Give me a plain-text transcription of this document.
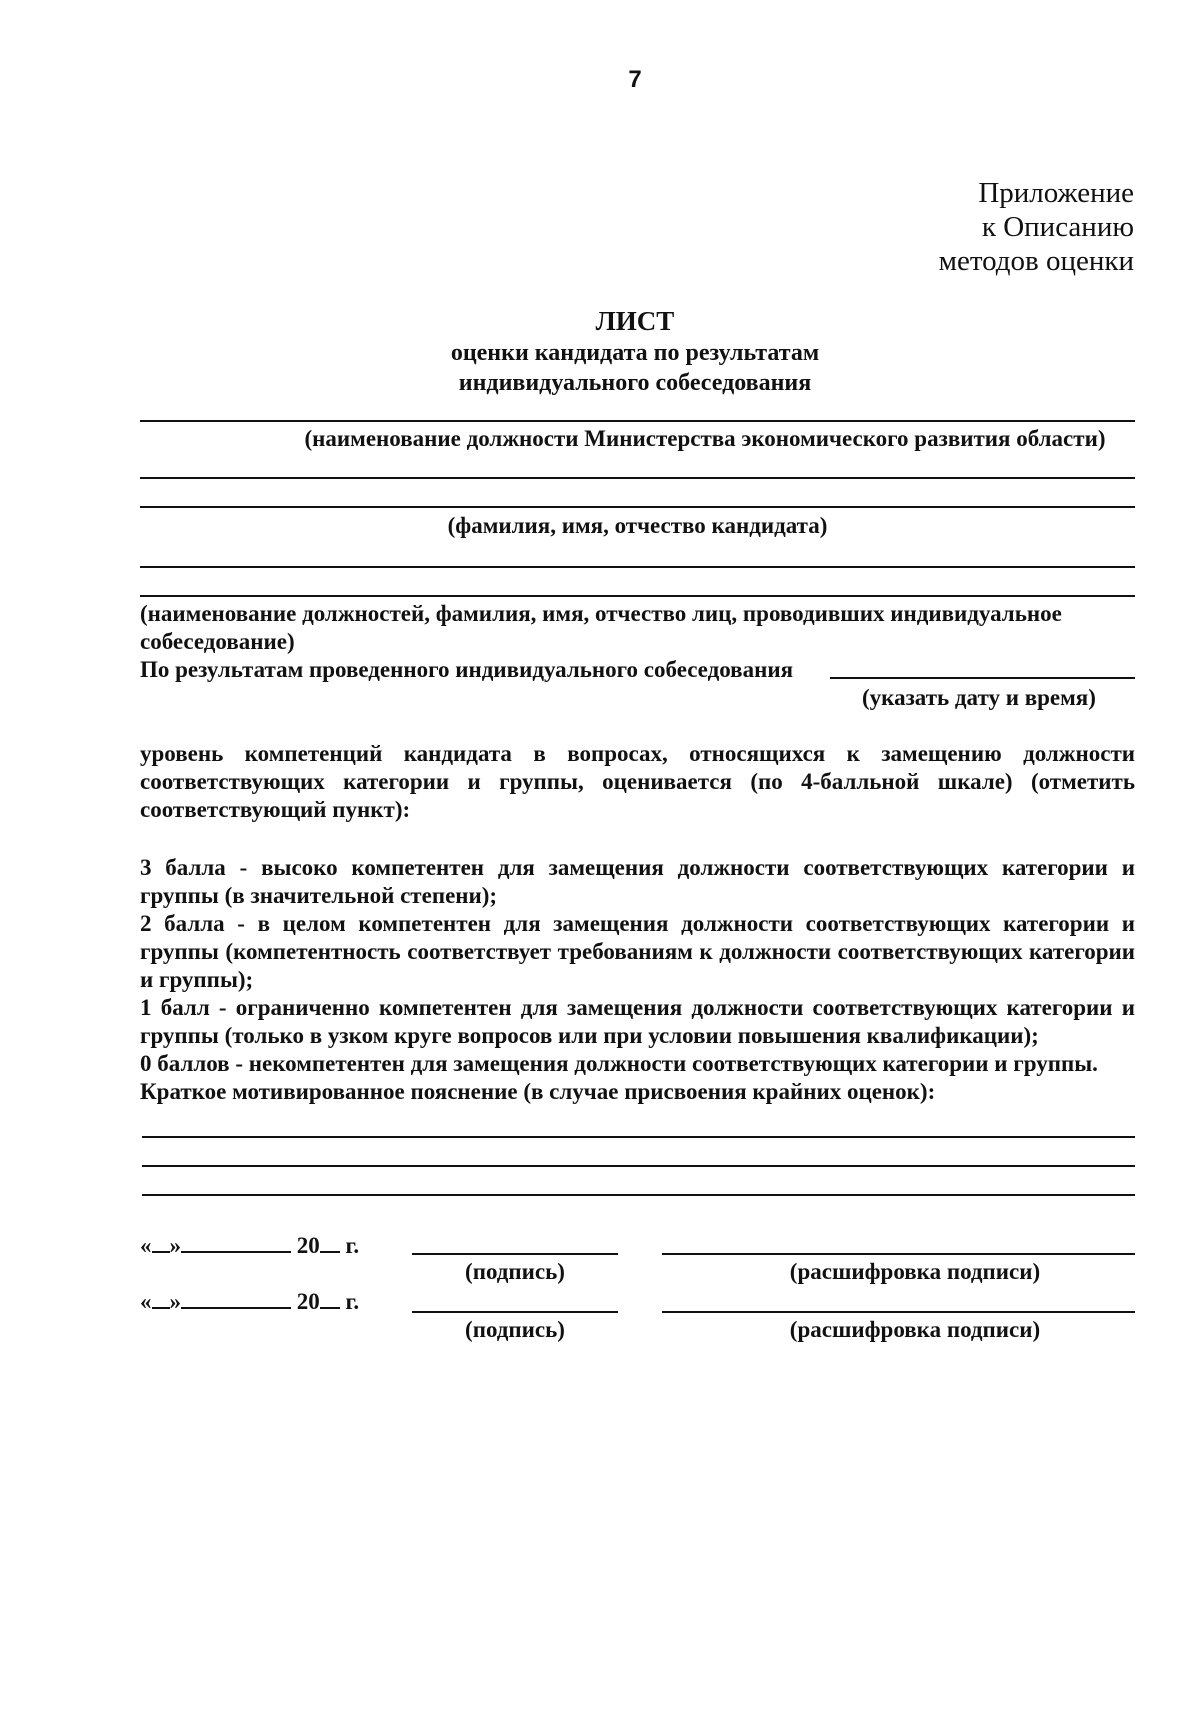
7
Приложение
к Описанию
методов оценки
ЛИСТ
оценки кандидата по результатам
индивидуального собеседования
(наименование должности Министерства экономического развития области)
(фамилия, имя, отчество кандидата)
(наименование должностей, фамилия, имя, отчество лиц, проводивших индивидуальное собеседование)
По результатам проведенного индивидуального собеседования
(указать дату и время)
уровень компетенций кандидата в вопросах, относящихся к замещению должности соответствующих категории и группы, оценивается (по 4-балльной шкале) (отметить соответствующий пункт):
3 балла - высоко компетентен для замещения должности соответствующих категории и группы (в значительной степени);
2 балла - в целом компетентен для замещения должности соответствующих категории и группы (компетентность соответствует требованиям к должности соответствующих категории и группы);
1 балл - ограниченно компетентен для замещения должности соответствующих категории и группы (только в узком круге вопросов или при условии повышения квалификации);
0 баллов - некомпетентен для замещения должности соответствующих категории и группы.
Краткое мотивированное пояснение (в случае присвоения крайних оценок):
« »	20 г.
(подпись)	(расшифровка подписи)
« »	20 г.
(подпись)	(расшифровка подписи)
